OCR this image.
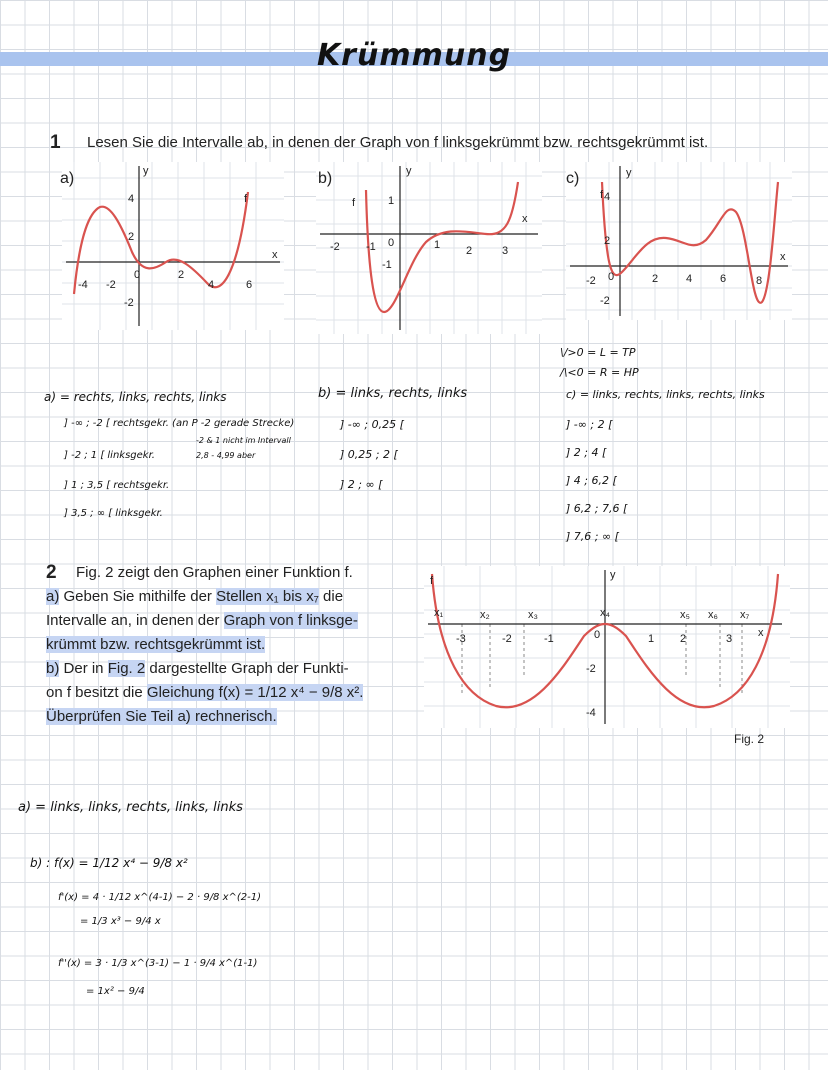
Krümmung
1 Lesen Sie die Intervalle ab, in denen der Graph von f linksgekrümmt bzw. rechtsgekrümmt ist.
-4 -2
0	2
4	6
4
2
-2
x
y
f
a)
-2 -1 0	1 2	3
1
-1
x
y
f
b)
-2 0	2	4	6	8
4
2
-2
x
y
f
c)
\/>0 = L = TP
/\<0 = R = HP
a) = rechts, links, rechts, links
] -∞ ; -2 [ rechtsgekr. (an P -2 gerade Strecke)
] -2 ; 1 [ linksgekr.
] 1 ; 3,5 [ rechtsgekr.
] 3,5 ; ∞ [ linksgekr.
-2 & 1 nicht im Intervall
2,8 - 4,99 aber
b) = links, rechts, links
] -∞ ; 0,25 [
] 0,25 ; 2 [
] 2 ; ∞ [
c) = links, rechts, links, rechts, links
] -∞ ; 2 [
] 2 ; 4 [
] 4 ; 6,2 [
] 6,2 ; 7,6 [
] 7,6 ; ∞ [
2 Fig. 2 zeigt den Graphen einer Funktion f.
a) Geben Sie mithilfe der Stellen x₁ bis x₇ die
Intervalle an, in denen der Graph von f linksge-
krümmt bzw. rechtsgekrümmt ist.
b) Der in Fig. 2 dargestellte Graph der Funkti-
on f besitzt die Gleichung f(x) = 1/12 x⁴ − 9/8 x².
Überprüfen Sie Teil a) rechnerisch.
x₁	x₂	x₃	x₄	x₅ x₆ x₇
-3	-2	-1	0	1 2	3
-2
-4
x
y
f
Fig. 2
a) = links, links, rechts, links, links
b) : f(x) = 1/12 x⁴ − 9/8 x²
f'(x) = 4 · 1/12 x^(4-1) − 2 · 9/8 x^(2-1)
= 1/3 x³ − 9/4 x
f''(x) = 3 · 1/3 x^(3-1) − 1 · 9/4 x^(1-1)
= 1x² − 9/4
